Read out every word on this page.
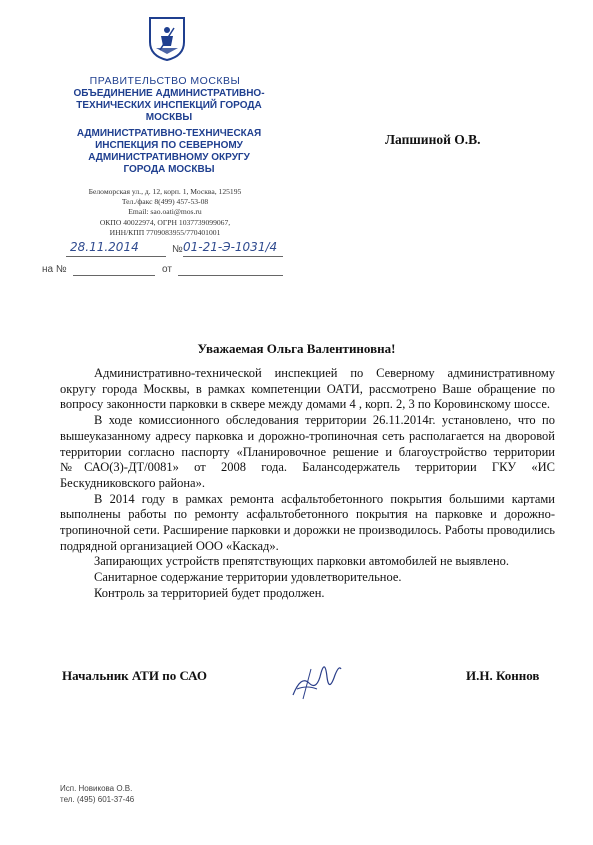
ПРАВИТЕЛЬСТВО МОСКВЫ
ОБЪЕДИНЕНИЕ АДМИНИСТРАТИВНО-
ТЕХНИЧЕСКИХ ИНСПЕКЦИЙ ГОРОДА
МОСКВЫ
АДМИНИСТРАТИВНО-ТЕХНИЧЕСКАЯ
ИНСПЕКЦИЯ ПО СЕВЕРНОМУ
АДМИНИСТРАТИВНОМУ ОКРУГУ
ГОРОДА МОСКВЫ
Беломорская ул., д. 12, корп. 1, Москва, 125195
Тел./факс 8(499) 457-53-08
Email: sao.oati@mos.ru
ОКПО 40022974, ОГРН 1037739099067,
ИНН/КПП 7709083955/770401001
28.11.2014	№ 01-21-Э-1031/4
на №	от
Лапшиной О.В.
Уважаемая Ольга Валентиновна!

Административно-технической инспекцией по Северному административному округу города Москвы, в рамках компетенции ОАТИ, рассмотрено Ваше обращение по вопросу законности парковки в сквере между домами 4 , корп. 2, 3 по Коровинскому шоссе.

В ходе комиссионного обследования территории 26.11.2014г. установлено, что по вышеуказанному адресу парковка и дорожно-тропиночная сеть располагается на дворовой территории согласно паспорту «Планировочное решение и благоустройство территории №САО(3)-ДТ/0081» от 2008 года. Балансодержатель территории ГКУ «ИС Бескудниковского района».

В 2014 году в рамках ремонта асфальтобетонного покрытия большими картами выполнены работы по ремонту асфальтобетонного покрытия на парковке и дорожно-тропиночной сети. Расширение парковки и дорожки не производилось. Работы проводились подрядной организацией ООО «Каскад».

Запирающих устройств препятствующих парковки автомобилей не выявлено.

Санитарное содержание территории удовлетворительное.

Контроль за территорией будет продолжен.

Начальник АТИ по САО	И.Н. Коннов
Исп. Новикова О.В.
тел. (495) 601-37-46
